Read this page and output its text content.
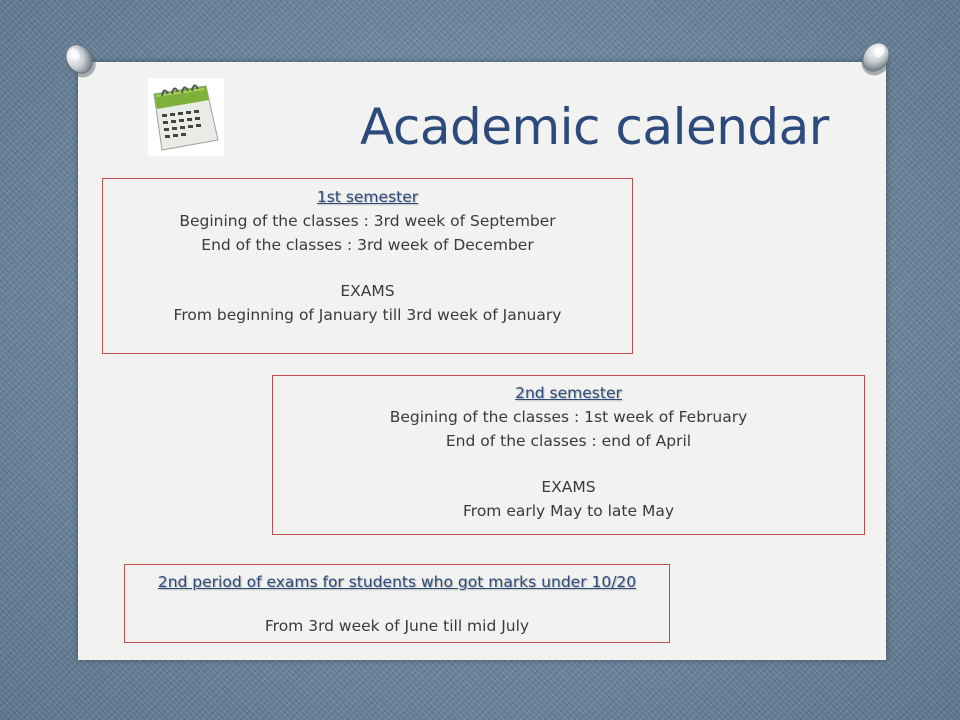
Academic calendar
1st semester
Begining of the classes : 3rd week of September
End of the classes : 3rd week of December
EXAMS
From beginning of January till 3rd week of January
2nd semester
Begining of the classes : 1st week of February
End of the classes : end of April
EXAMS
From early May to late May
2nd period of exams for students who got marks under 10/20
From 3rd week of June till mid July
